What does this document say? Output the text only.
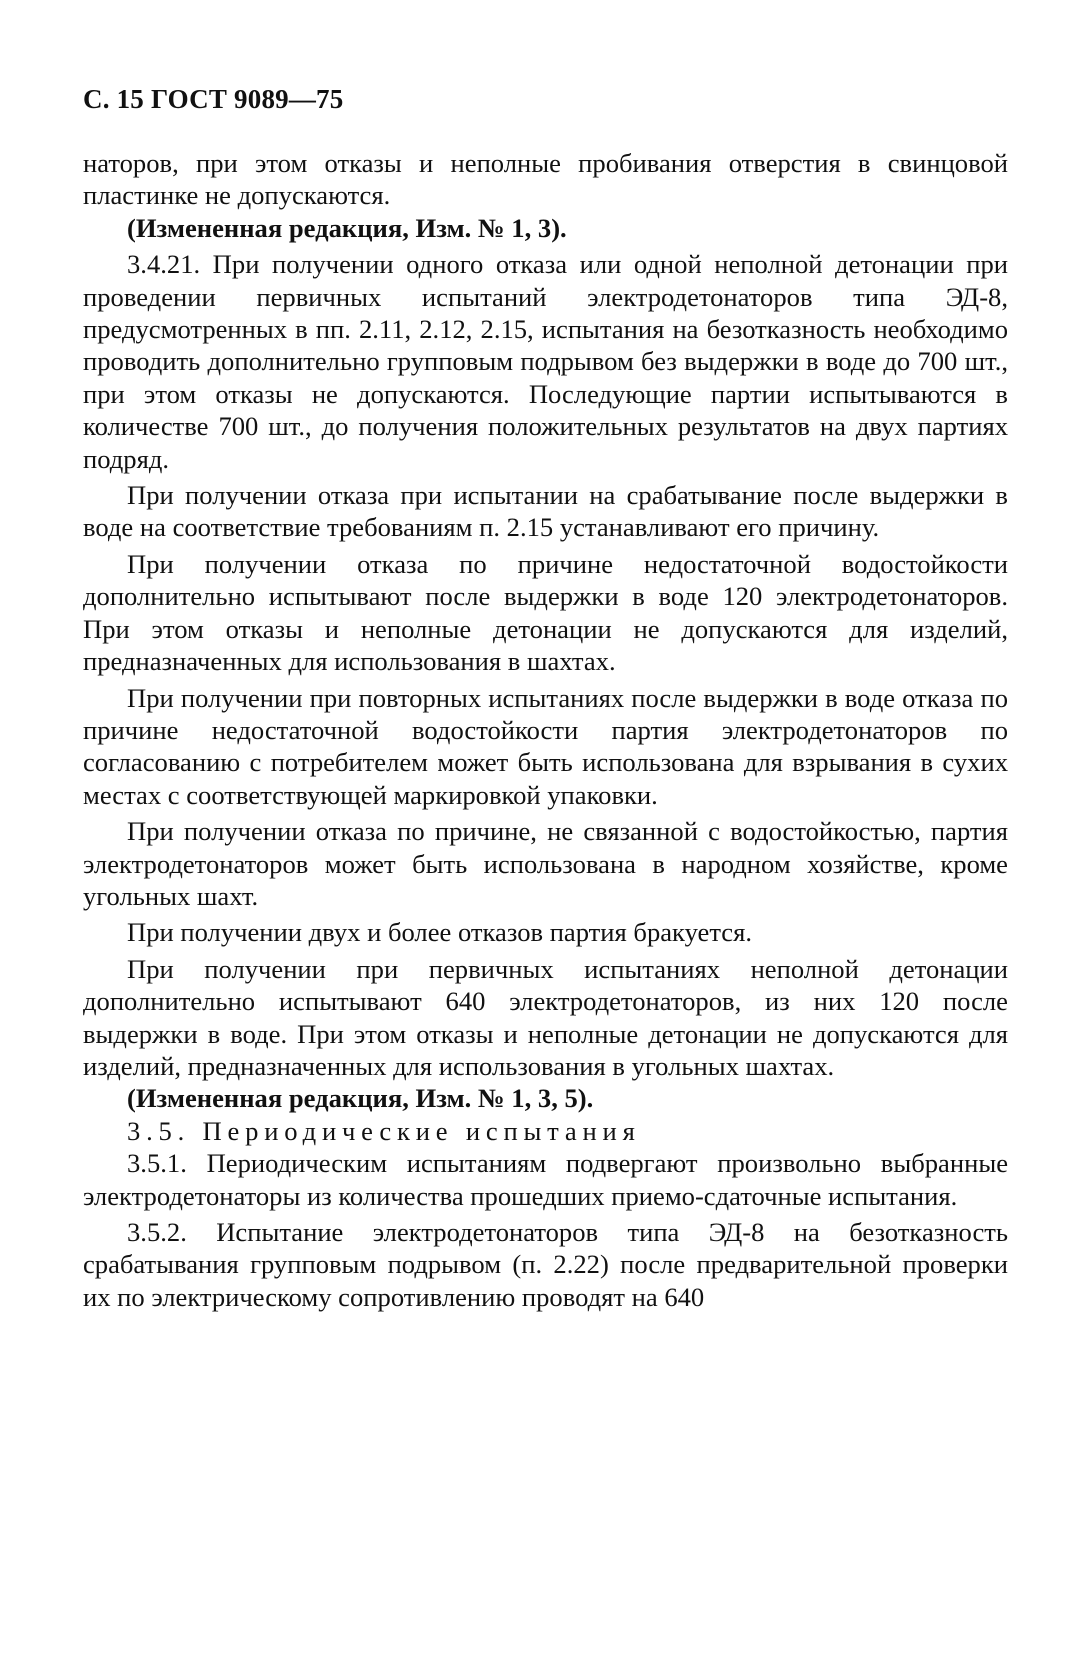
С. 15 ГОСТ 9089—75

наторов, при этом отказы и неполные пробивания отверстия в свинцовой пластинке не допускаются.

(Измененная редакция, Изм. № 1, 3).

3.4.21. При получении одного отказа или одной неполной детонации при проведении первичных испытаний электродетонаторов типа ЭД-8, предусмотренных в пп. 2.11, 2.12, 2.15, испытания на безотказность необходимо проводить дополнительно групповым подрывом без выдержки в воде до 700 шт., при этом отказы не допускаются. Последующие партии испытываются в количестве 700 шт., до получения положительных результатов на двух партиях подряд.

При получении отказа при испытании на срабатывание после выдержки в воде на соответствие требованиям п. 2.15 устанавливают его причину.

При получении отказа по причине недостаточной водостойкости дополнительно испытывают после выдержки в воде 120 электродетонаторов. При этом отказы и неполные детонации не допускаются для изделий, предназначенных для использования в шахтах.

При получении при повторных испытаниях после выдержки в воде отказа по причине недостаточной водостойкости партия электродетонаторов по согласованию с потребителем может быть использована для взрывания в сухих местах с соответствующей маркировкой упаковки.

При получении отказа по причине, не связанной с водостойкостью, партия электродетонаторов может быть использована в народном хозяйстве, кроме угольных шахт.

При получении двух и более отказов партия бракуется.

При получении при первичных испытаниях неполной детонации дополнительно испытывают 640 электродетонаторов, из них 120 после выдержки в воде. При этом отказы и неполные детонации не допускаются для изделий, предназначенных для использования в угольных шахтах.

(Измененная редакция, Изм. № 1, 3, 5).

3.5. Периодические испытания

3.5.1. Периодическим испытаниям подвергают произвольно выбранные электродетонаторы из количества прошедших приемо-сдаточные испытания.

3.5.2. Испытание электродетонаторов типа ЭД-8 на безотказность срабатывания групповым подрывом (п. 2.22) после предварительной проверки их по электрическому сопротивлению проводят на 640
